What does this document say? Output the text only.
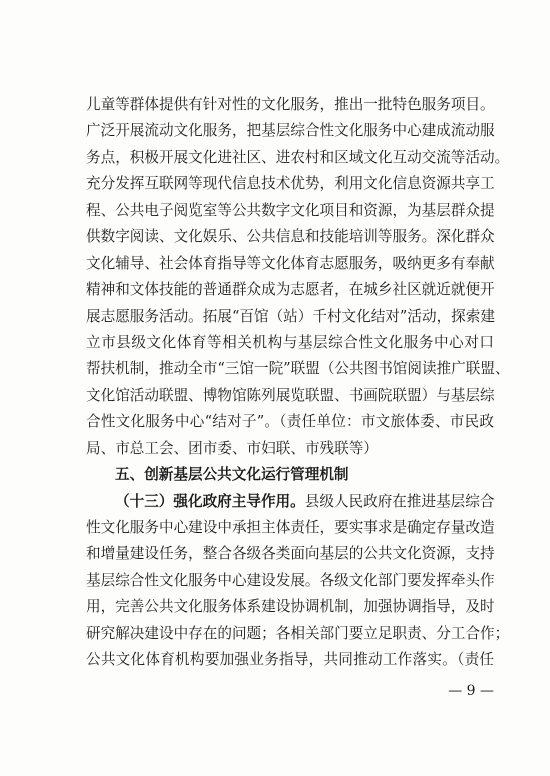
儿童等群体提供有针对性的文化服务，推出一批特色服务项目。
广泛开展流动文化服务，把基层综合性文化服务中心建成流动服
务点，积极开展文化进社区、进农村和区域文化互动交流等活动。
充分发挥互联网等现代信息技术优势，利用文化信息资源共享工
程、公共电子阅览室等公共数字文化项目和资源，为基层群众提
供数字阅读、文化娱乐、公共信息和技能培训等服务。深化群众
文化辅导、社会体育指导等文化体育志愿服务，吸纳更多有奉献
精神和文体技能的普通群众成为志愿者，在城乡社区就近就便开
展志愿服务活动。拓展“百馆（站）千村文化结对”活动，探索建
立市县级文化体育等相关机构与基层综合性文化服务中心对口
帮扶机制，推动全市“三馆一院”联盟（公共图书馆阅读推广联盟、
文化馆活动联盟、博物馆陈列展览联盟、书画院联盟）与基层综
合性文化服务中心“结对子”。（责任单位：市文旅体委、市民政
局、市总工会、团市委、市妇联、市残联等）
五、创新基层公共文化运行管理机制
（十三）强化政府主导作用。县级人民政府在推进基层综合
性文化服务中心建设中承担主体责任，要实事求是确定存量改造
和增量建设任务，整合各级各类面向基层的公共文化资源，支持
基层综合性文化服务中心建设发展。各级文化部门要发挥牵头作
用，完善公共文化服务体系建设协调机制，加强协调指导，及时
研究解决建设中存在的问题；各相关部门要立足职责、分工合作；
公共文化体育机构要加强业务指导，共同推动工作落实。（责任
— 9 —
